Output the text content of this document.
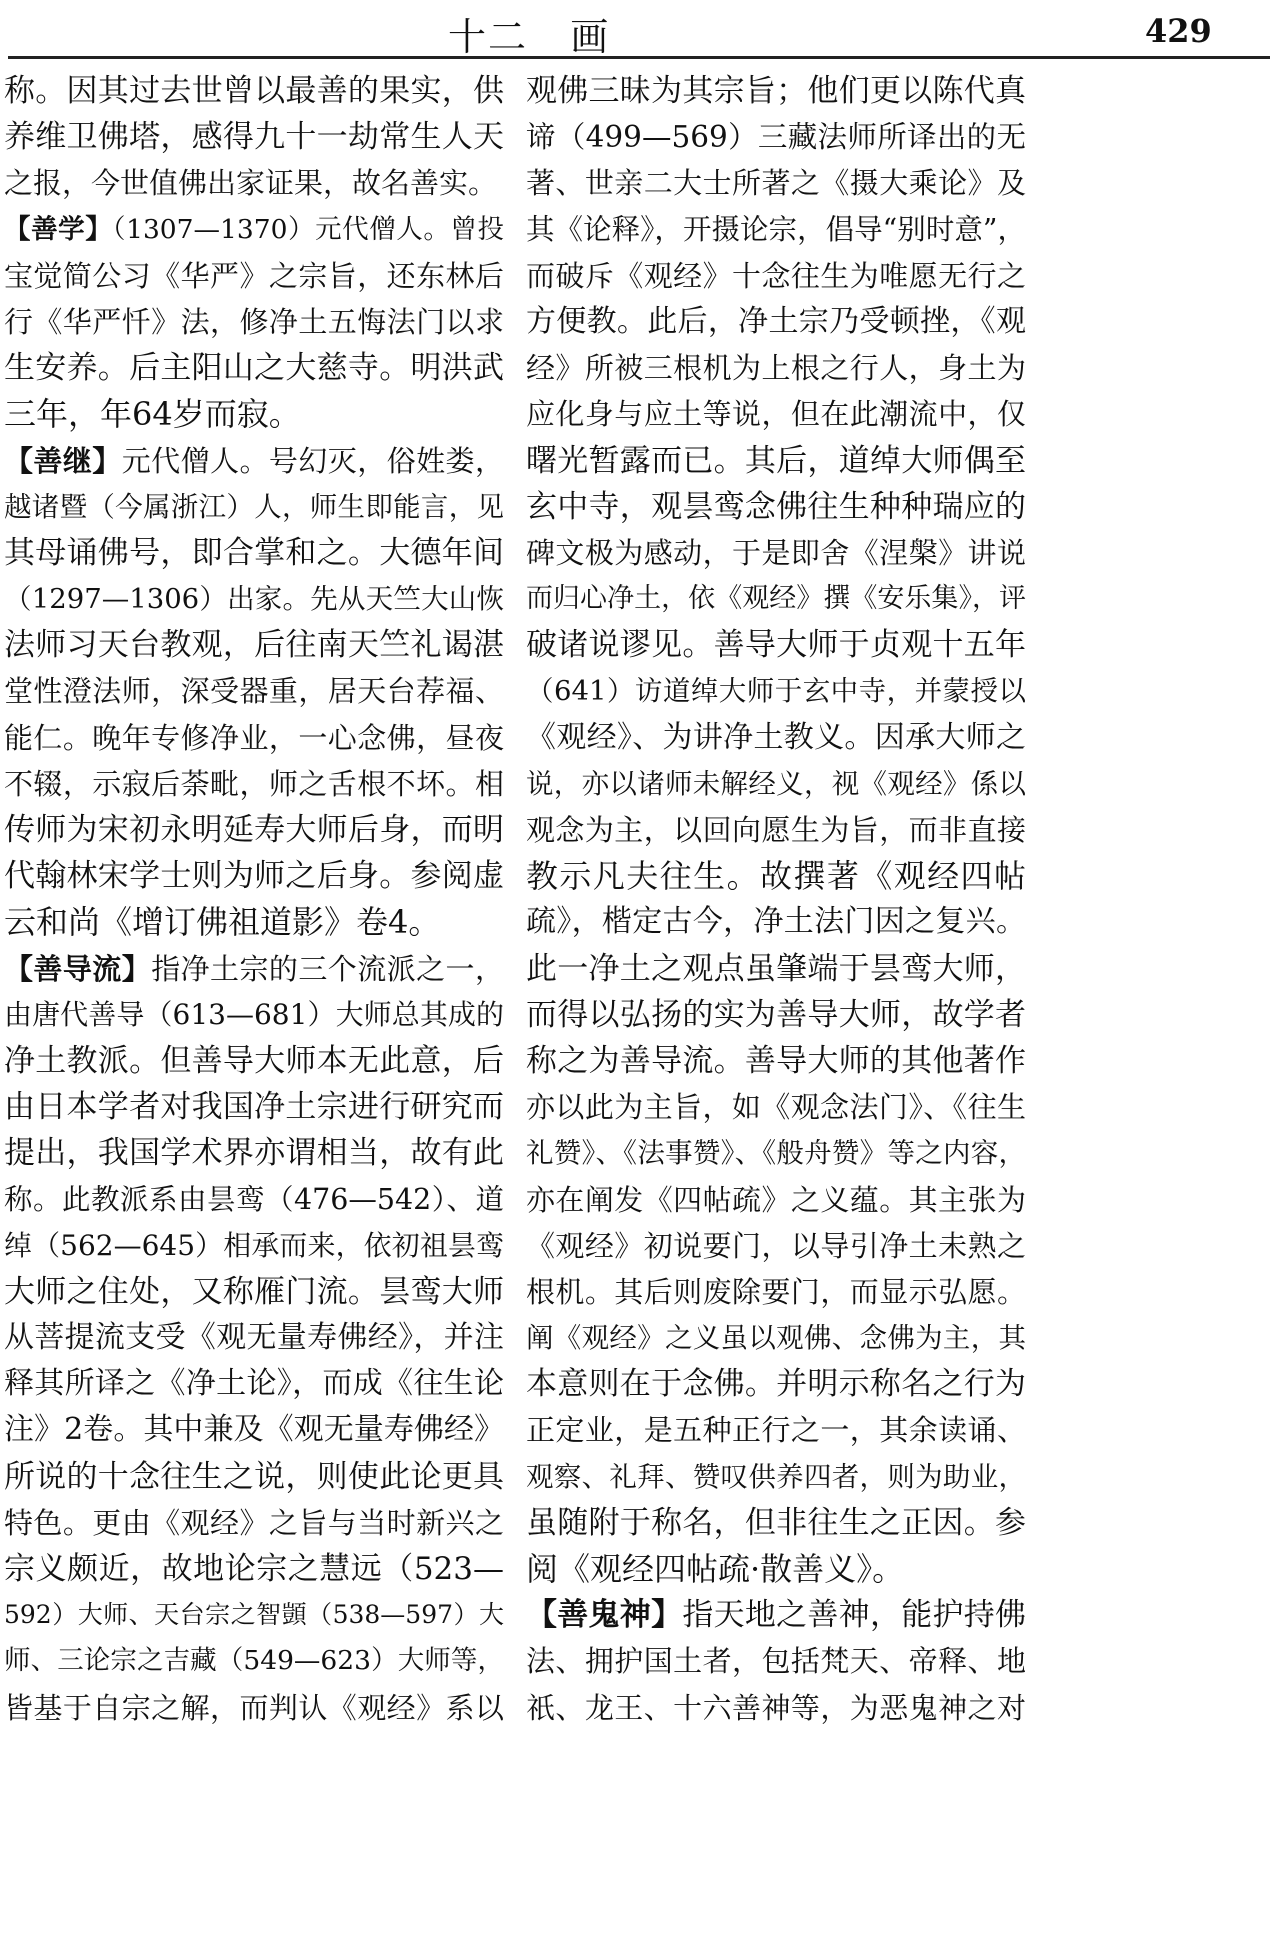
十二   画	429
称。因其过去世曾以最善的果实，供
养维卫佛塔，感得九十一劫常生人天
之报，今世值佛出家证果，故名善实。
【善学】（1307—1370）元代僧人。曾投
宝觉简公习《华严》之宗旨，还东林后
行《华严忏》法，修净土五悔法门以求
生安养。后主阳山之大慈寺。明洪武
三年，年64岁而寂。
【善继】元代僧人。号幻灭，俗姓娄，
越诸暨（今属浙江）人，师生即能言，见
其母诵佛号，即合掌和之。大德年间
（1297—1306）出家。先从天竺大山恢
法师习天台教观，后往南天竺礼谒湛
堂性澄法师，深受器重，居天台荐福、
能仁。晚年专修净业，一心念佛，昼夜
不辍，示寂后荼毗，师之舌根不坏。相
传师为宋初永明延寿大师后身，而明
代翰林宋学士则为师之后身。参阅虚
云和尚《增订佛祖道影》卷4。
【善导流】指净土宗的三个流派之一，
由唐代善导（613—681）大师总其成的
净土教派。但善导大师本无此意，后
由日本学者对我国净土宗进行研究而
提出，我国学术界亦谓相当，故有此
称。此教派系由昙鸾（476—542）、道
绰（562—645）相承而来，依初祖昙鸾
大师之住处，又称雁门流。昙鸾大师
从菩提流支受《观无量寿佛经》，并注
释其所译之《净土论》，而成《往生论
注》2卷。其中兼及《观无量寿佛经》
所说的十念往生之说，则使此论更具
特色。更由《观经》之旨与当时新兴之
宗义颇近，故地论宗之慧远（523—
592）大师、天台宗之智顗（538—597）大
师、三论宗之吉藏（549—623）大师等，
皆基于自宗之解，而判认《观经》系以
观佛三昧为其宗旨；他们更以陈代真
谛（499—569）三藏法师所译出的无
著、世亲二大士所著之《摄大乘论》及
其《论释》，开摄论宗，倡导“别时意”，
而破斥《观经》十念往生为唯愿无行之
方便教。此后，净土宗乃受顿挫，《观
经》所被三根机为上根之行人，身土为
应化身与应土等说，但在此潮流中，仅
曙光暂露而已。其后，道绰大师偶至
玄中寺，观昙鸾念佛往生种种瑞应的
碑文极为感动，于是即舍《涅槃》讲说
而归心净土，依《观经》撰《安乐集》，评
破诸说谬见。善导大师于贞观十五年
（641）访道绰大师于玄中寺，并蒙授以
《观经》、为讲净土教义。因承大师之
说，亦以诸师未解经义，视《观经》係以
观念为主，以回向愿生为旨，而非直接
教示凡夫往生。故撰著《观经四帖
疏》，楷定古今，净土法门因之复兴。
此一净土之观点虽肇端于昙鸾大师，
而得以弘扬的实为善导大师，故学者
称之为善导流。善导大师的其他著作
亦以此为主旨，如《观念法门》、《往生
礼赞》、《法事赞》、《般舟赞》等之内容，
亦在阐发《四帖疏》之义蕴。其主张为
《观经》初说要门，以导引净土未熟之
根机。其后则废除要门，而显示弘愿。
阐《观经》之义虽以观佛、念佛为主，其
本意则在于念佛。并明示称名之行为
正定业，是五种正行之一，其余读诵、
观察、礼拜、赞叹供养四者，则为助业，
虽随附于称名，但非往生之正因。参
阅《观经四帖疏·散善义》。
【善鬼神】指天地之善神，能护持佛
法、拥护国土者，包括梵天、帝释、地
祇、龙王、十六善神等，为恶鬼神之对
